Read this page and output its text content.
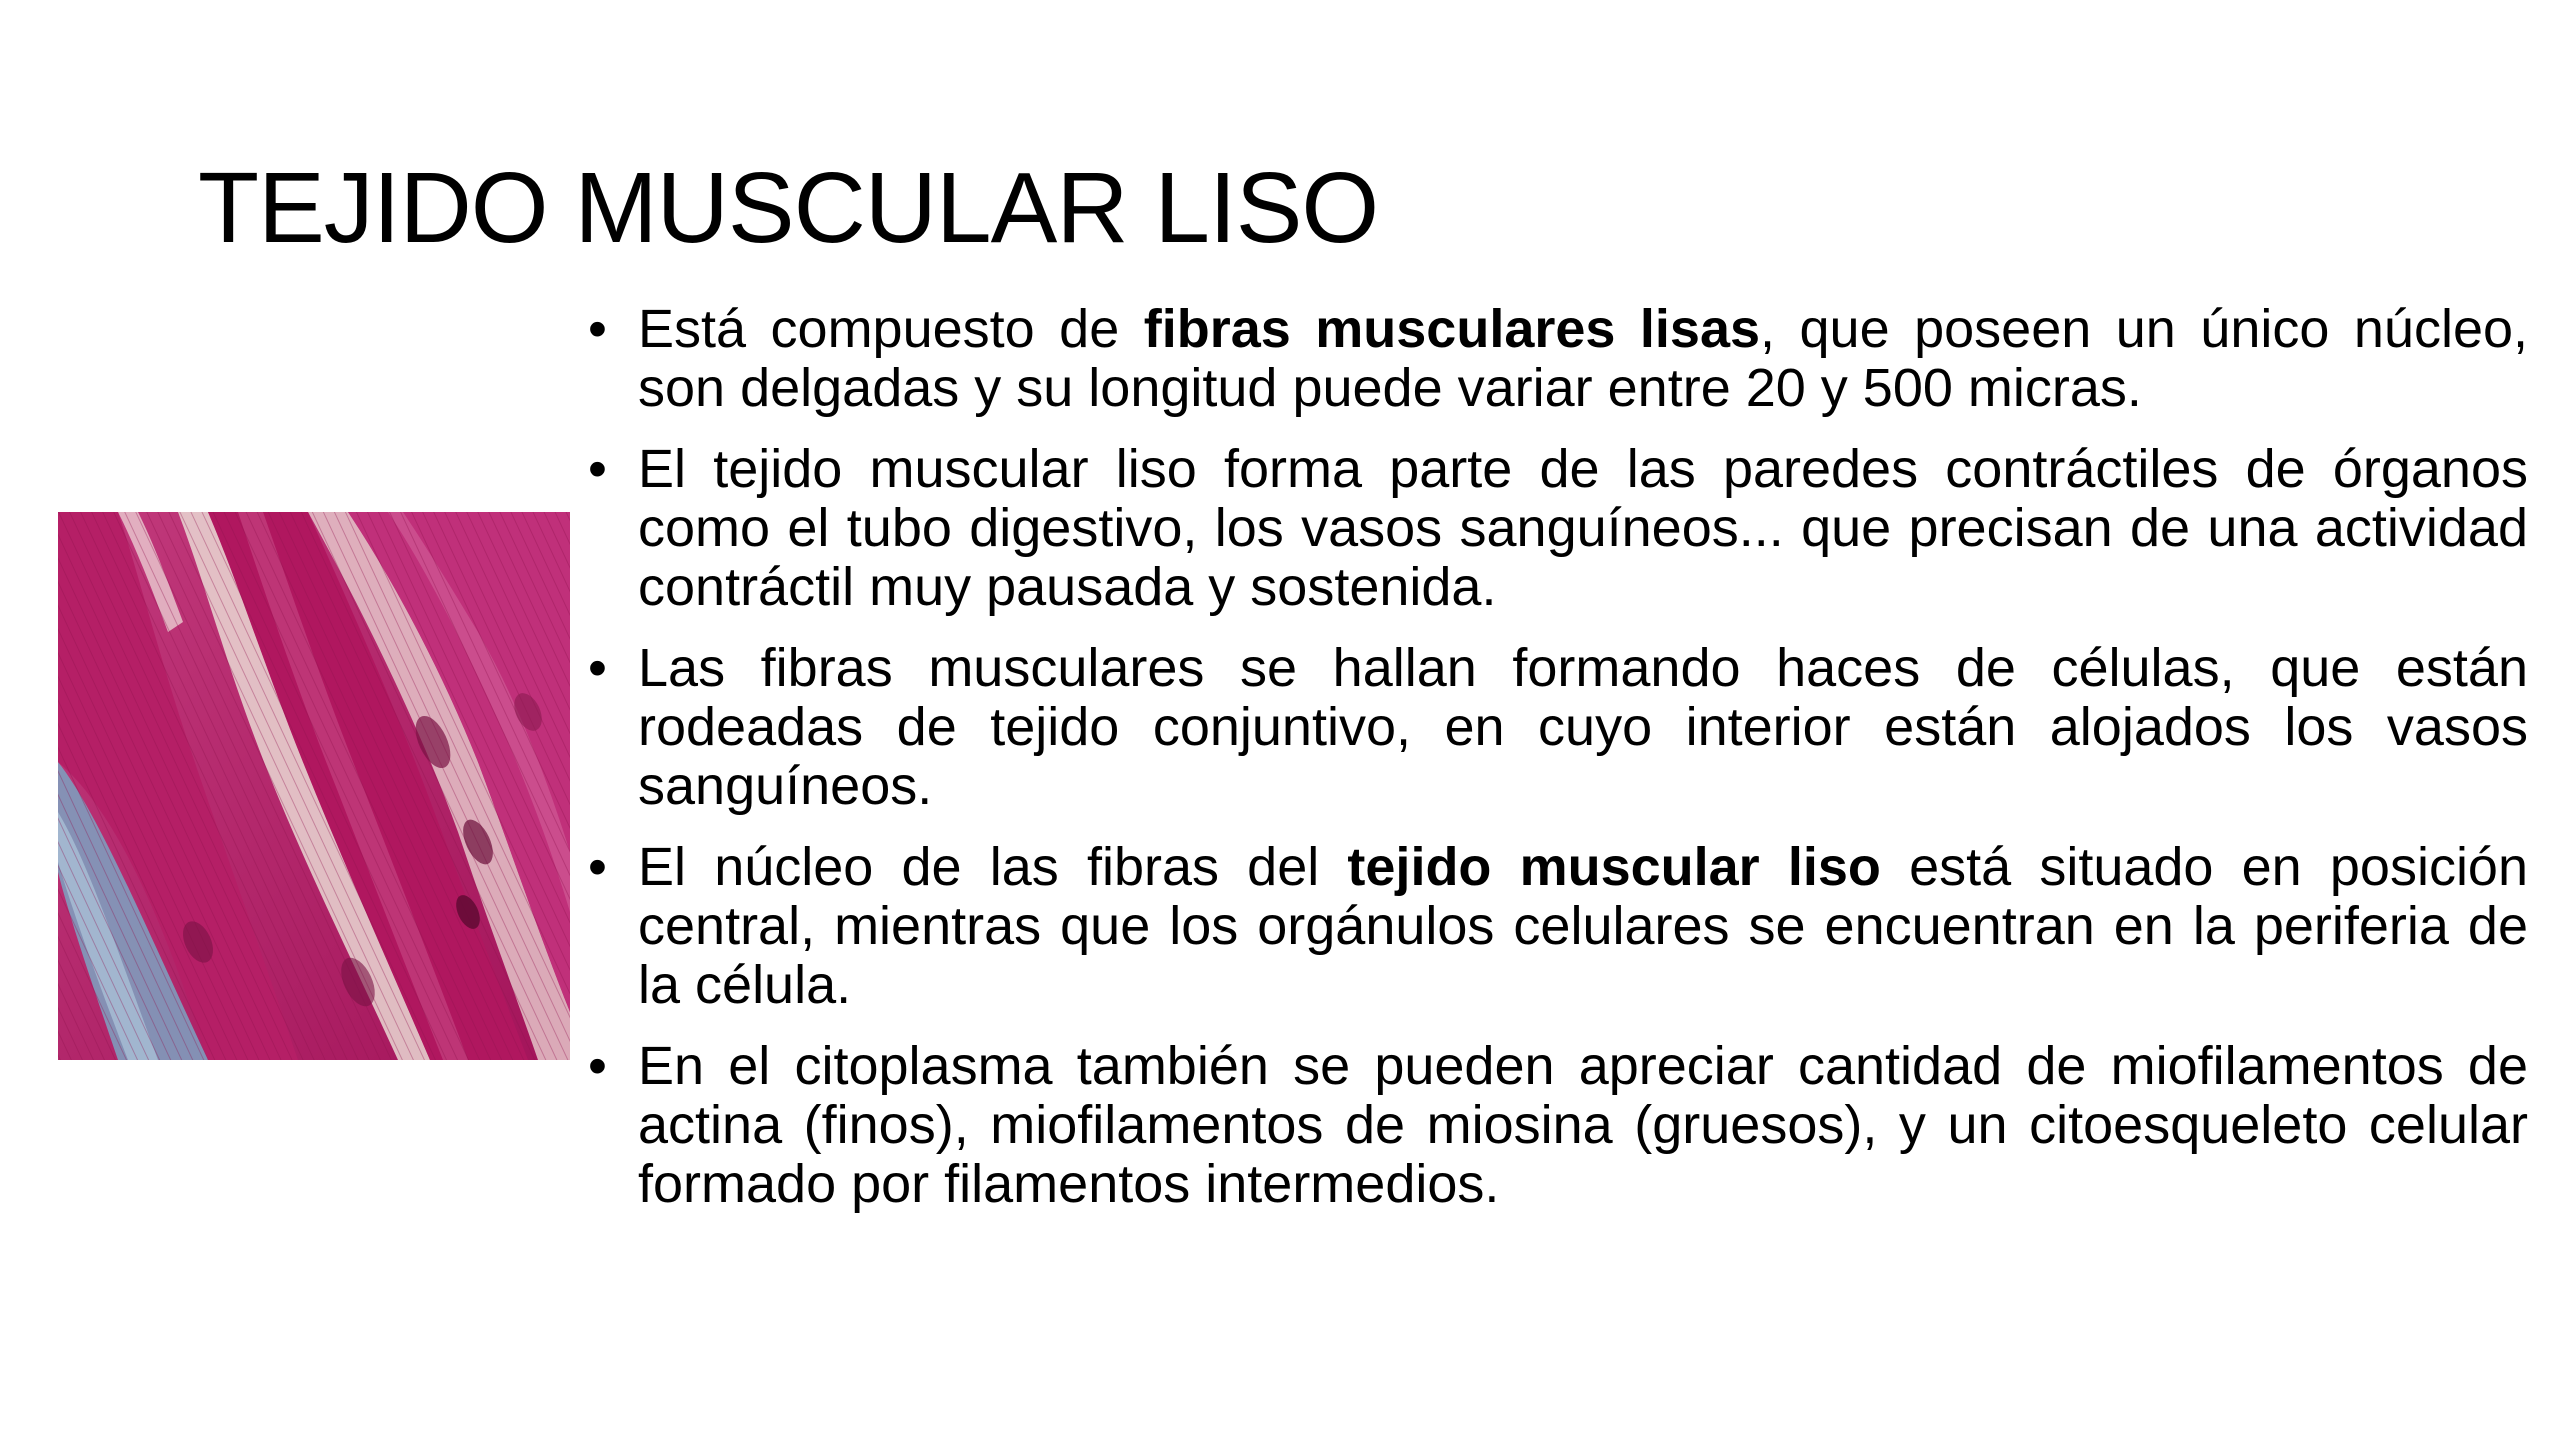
TEJIDO MUSCULAR LISO
• Está compuesto de fibras musculares lisas, que poseen un único núcleo, son delgadas y su longitud puede variar entre 20 y 500 micras.
• El tejido muscular liso forma parte de las paredes contráctiles de órganos como el tubo digestivo, los vasos sanguíneos... que precisan de una actividad contráctil muy pausada y sostenida.
• Las fibras musculares se hallan formando haces de células, que están rodeadas de tejido conjuntivo, en cuyo interior están alojados los vasos sanguíneos.
• El núcleo de las fibras del tejido muscular liso está situado en posición central, mientras que los orgánulos celulares se encuentran en la periferia de la célula.
• En el citoplasma también se pueden apreciar cantidad de miofilamentos de actina (finos), miofilamentos de miosina (gruesos), y un citoesqueleto celular formado por filamentos intermedios.
